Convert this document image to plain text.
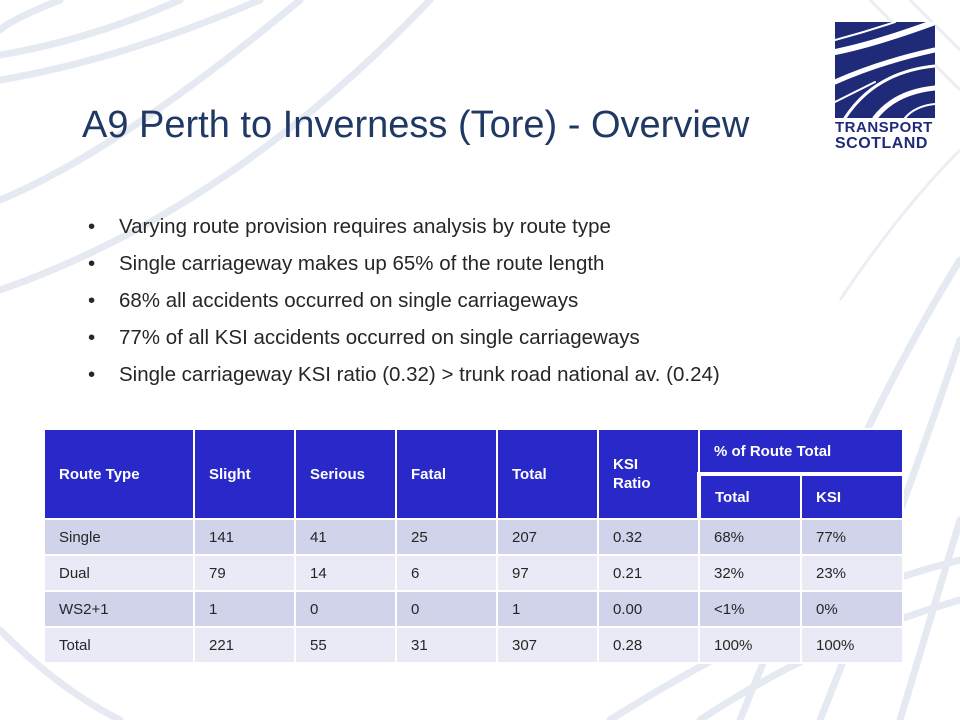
TRANSPORT
SCOTLAND
A9 Perth to Inverness (Tore) - Overview
• Varying route provision requires analysis by route type
• Single carriageway makes up 65% of the route length
• 68% all accidents occurred on single carriageways
• 77% of all KSI accidents occurred on single carriageways
• Single carriageway KSI ratio (0.32) > trunk road national av. (0.24)
Route Type	Slight	Serious	Fatal	Total	KSI Ratio	% of Route Total	
						Total	KSI
Single	141	41	25	207	0.32	68%	77%
Dual	79	14	6	97	0.21	32%	23%
WS2+1	1	0	0	1	0.00	<1%	0%
Total	221	55	31	307	0.28	100%	100%
